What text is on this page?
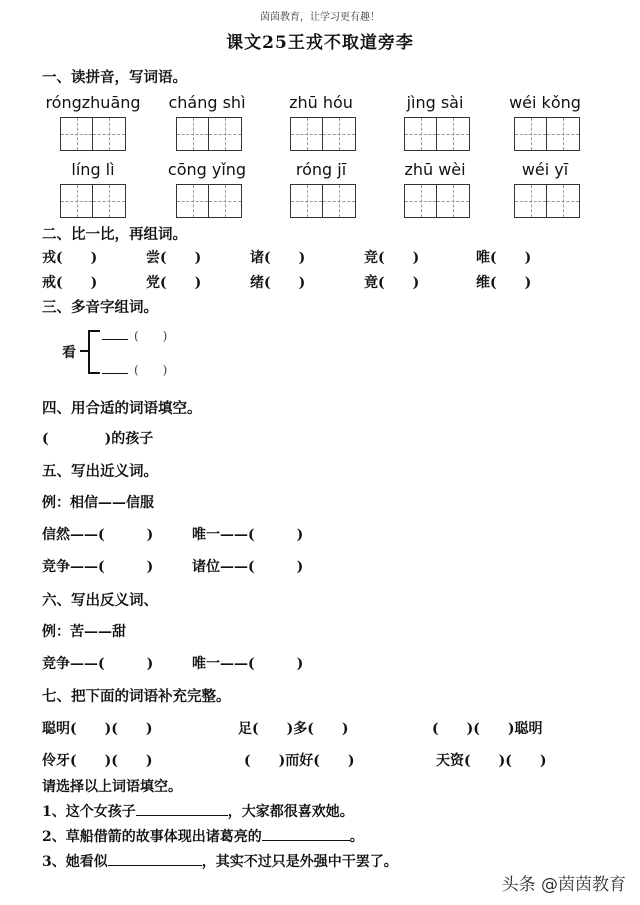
茵茵教育，让学习更有趣！
课文25王戎不取道旁李
一、读拼音，写词语。
róngzhuāng	cháng shì	zhū hóu	jìng sài	wéi kǒng
líng lì	cōng yǐng	róng jī	zhū wèi	wéi yī
二、比一比，再组词。
戎(　　)	尝(　　)	诸(　　)	竞(　　)	唯(　　)
戒(　　)	党(　　)	绪(　　)	竟(　　)	维(　　)
三、多音字组词。
看
(　　)
(　　)
四、用合适的词语填空。
(　　　　)的孩子
五、写出近义词。
例：相信——信服
信然——(　　　)	唯一——(　　　)
竞争——(　　　)	诸位——(　　　)
六、写出反义词、
例：苦——甜
竞争——(　　　)	唯一——(　　　)
七、把下面的词语补充完整。
聪明(　　)(　　)	足(　　)多(　　)	(　　)(　　)聪明
伶牙(　　)(　　)	(　　)而好(　　)	天资(　　)(　　)
请选择以上词语填空。
1、这个女孩子	，大家都很喜欢她。
2、草船借箭的故事体现出诸葛亮的	。
3、她看似	，其实不过只是外强中干罢了。
头条 @茵茵教育
